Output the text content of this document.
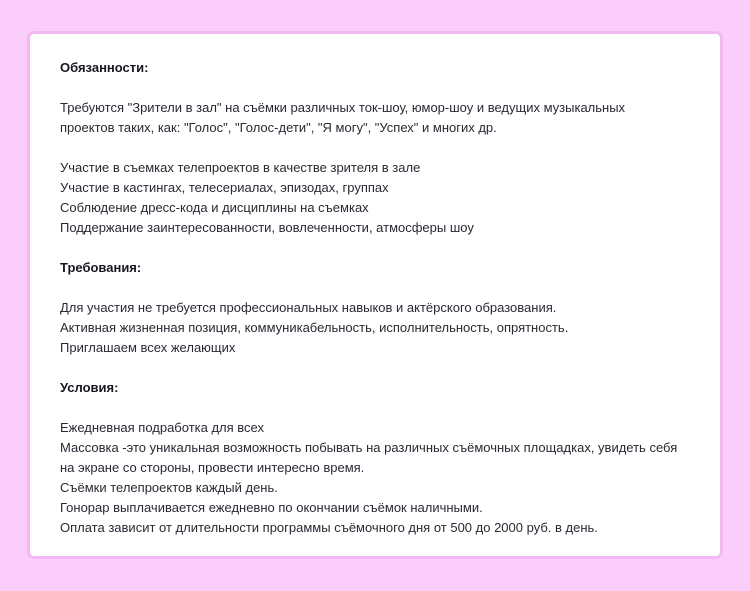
Обязанности:
Требуются "Зрители в зал" на съёмки различных ток-шоу, юмор-шоу и ведущих музыкальных
проектов таких, как: "Голос", "Голос-дети", "Я могу", "Успех" и многих др.
Участие в съемках телепроектов в качестве зрителя в зале
Участие в кастингах, телесериалах, эпизодах, группах
Соблюдение дресс-кода и дисциплины на съемках
Поддержание заинтересованности, вовлеченности, атмосферы шоу
Требования:
Для участия не требуется профессиональных навыков и актёрского образования.
Активная жизненная позиция, коммуникабельность, исполнительность, опрятность.
Приглашаем всех желающих
Условия:
Ежедневная подработка для всех
Массовка -это уникальная возможность побывать на различных съёмочных площадках, увидеть себя
на экране со стороны, провести интересно время.
Съёмки телепроектов каждый день.
Гонорар выплачивается ежедневно по окончании съёмок наличными.
Оплата зависит от длительности программы съёмочного дня от 500 до 2000 руб. в день.
